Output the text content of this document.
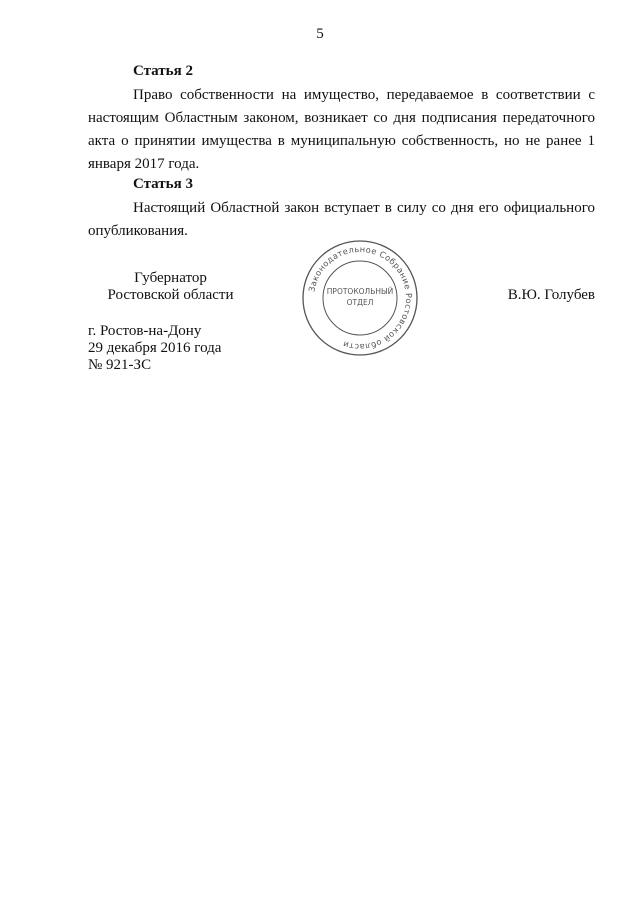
5
Статья 2

Право собственности на имущество, передаваемое в соответствии с настоящим Областным законом, возникает со дня подписания передаточного акта о принятии имущества в муниципальную собственность, но не ранее 1 января 2017 года.

Статья 3

Настоящий Областной закон вступает в силу со дня его официального опубликования.

Губернатор
Ростовской области	Законодательное Собрание Ростовской области
ПРОТОКОЛЬНЫЙ
ОТДЕЛ	В.Ю. Голубев
г. Ростов-на-Дону
29 декабря 2016 года
№ 921-ЗС
